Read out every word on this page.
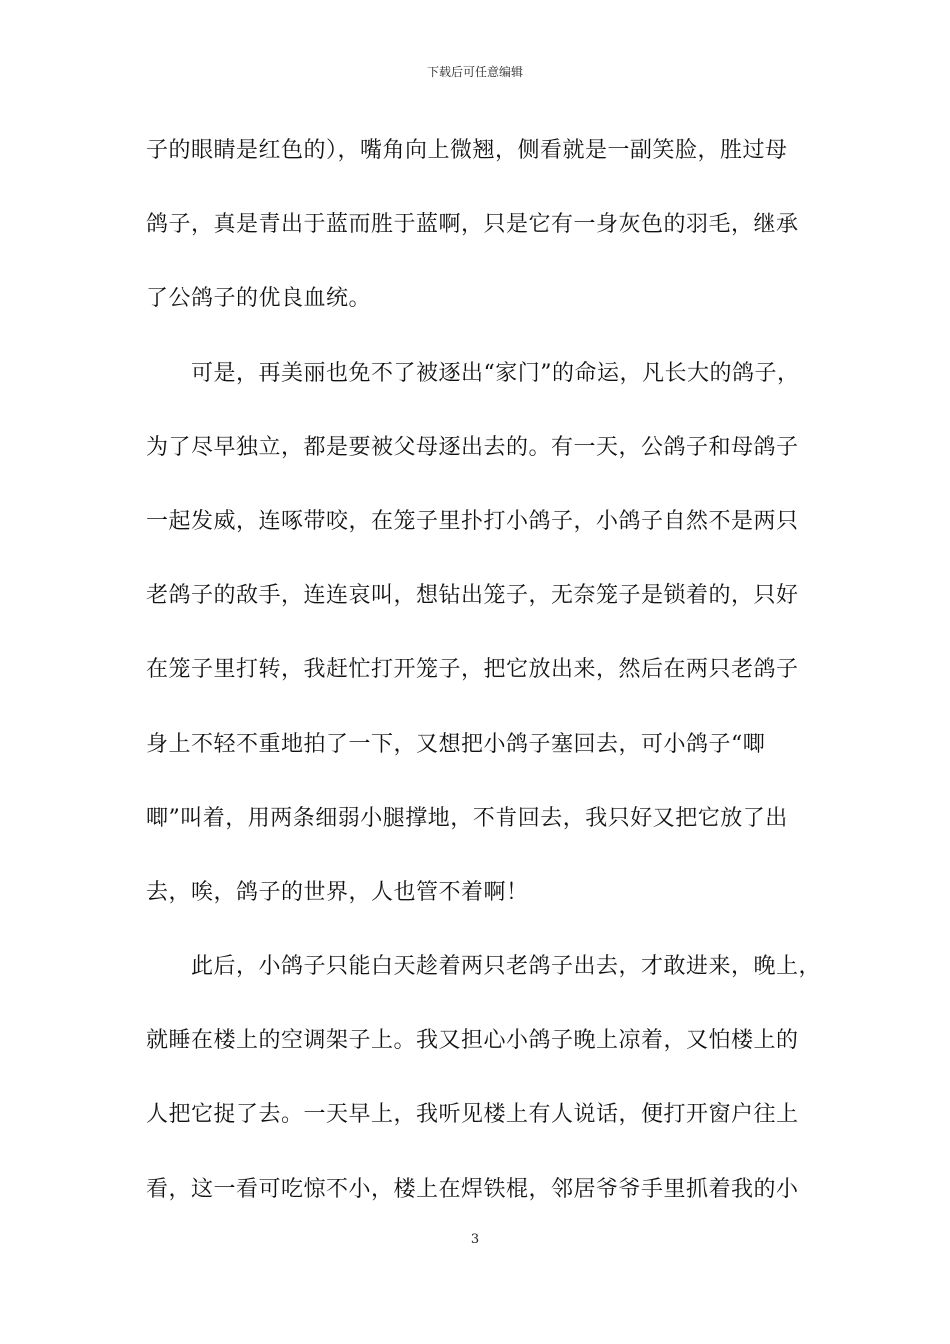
下载后可任意编辑
子的眼睛是红色的），嘴角向上微翘，侧看就是一副笑脸，胜过母
鸽子，真是青出于蓝而胜于蓝啊，只是它有一身灰色的羽毛，继承
了公鸽子的优良血统。
可是，再美丽也免不了被逐出“家门”的命运，凡长大的鸽子，
为了尽早独立，都是要被父母逐出去的。有一天，公鸽子和母鸽子
一起发威，连啄带咬，在笼子里扑打小鸽子，小鸽子自然不是两只
老鸽子的敌手，连连哀叫，想钻出笼子，无奈笼子是锁着的，只好
在笼子里打转，我赶忙打开笼子，把它放出来，然后在两只老鸽子
身上不轻不重地拍了一下，又想把小鸽子塞回去，可小鸽子“唧
唧”叫着，用两条细弱小腿撑地，不肯回去，我只好又把它放了出
去，唉，鸽子的世界，人也管不着啊！
此后，小鸽子只能白天趁着两只老鸽子出去，才敢进来，晚上，
就睡在楼上的空调架子上。我又担心小鸽子晚上凉着，又怕楼上的
人把它捉了去。一天早上，我听见楼上有人说话，便打开窗户往上
看，这一看可吃惊不小，楼上在焊铁棍，邻居爷爷手里抓着我的小
3
